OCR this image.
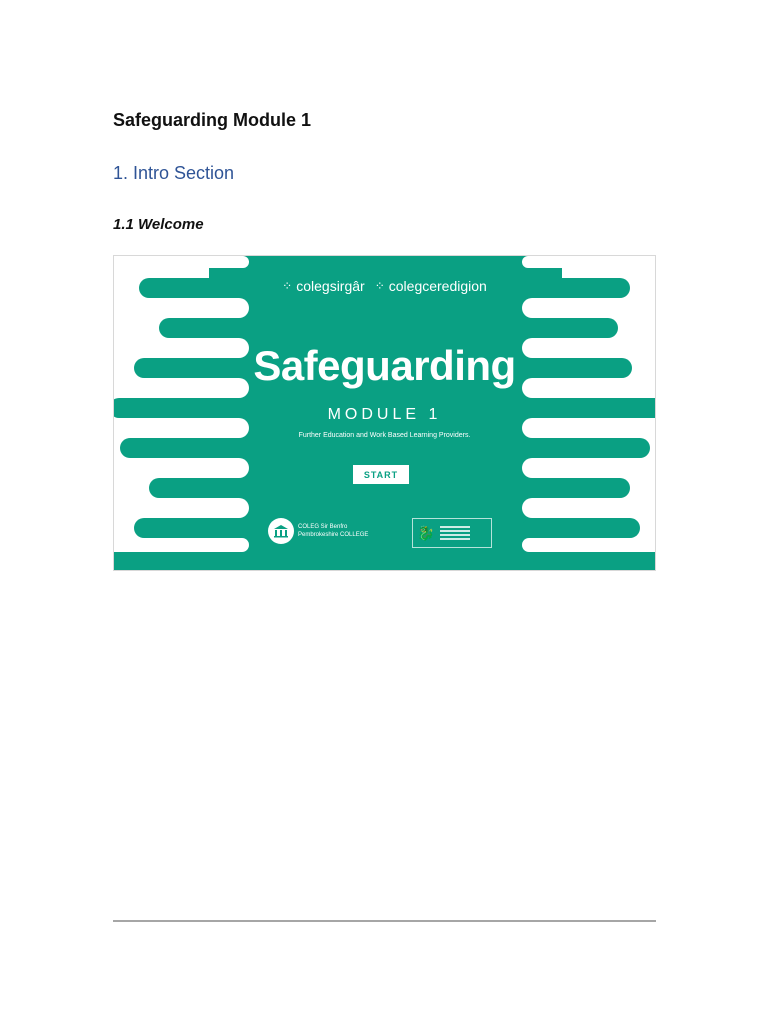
Safeguarding Module 1
1. Intro Section
1.1 Welcome
⁘ colegsirgâr ⁘ colegceredigion
Safeguarding
MODULE 1
Further Education and Work Based Learning Providers.
START
COLEG Sir Benfro
Pembrokeshire COLLEGE	🐉
